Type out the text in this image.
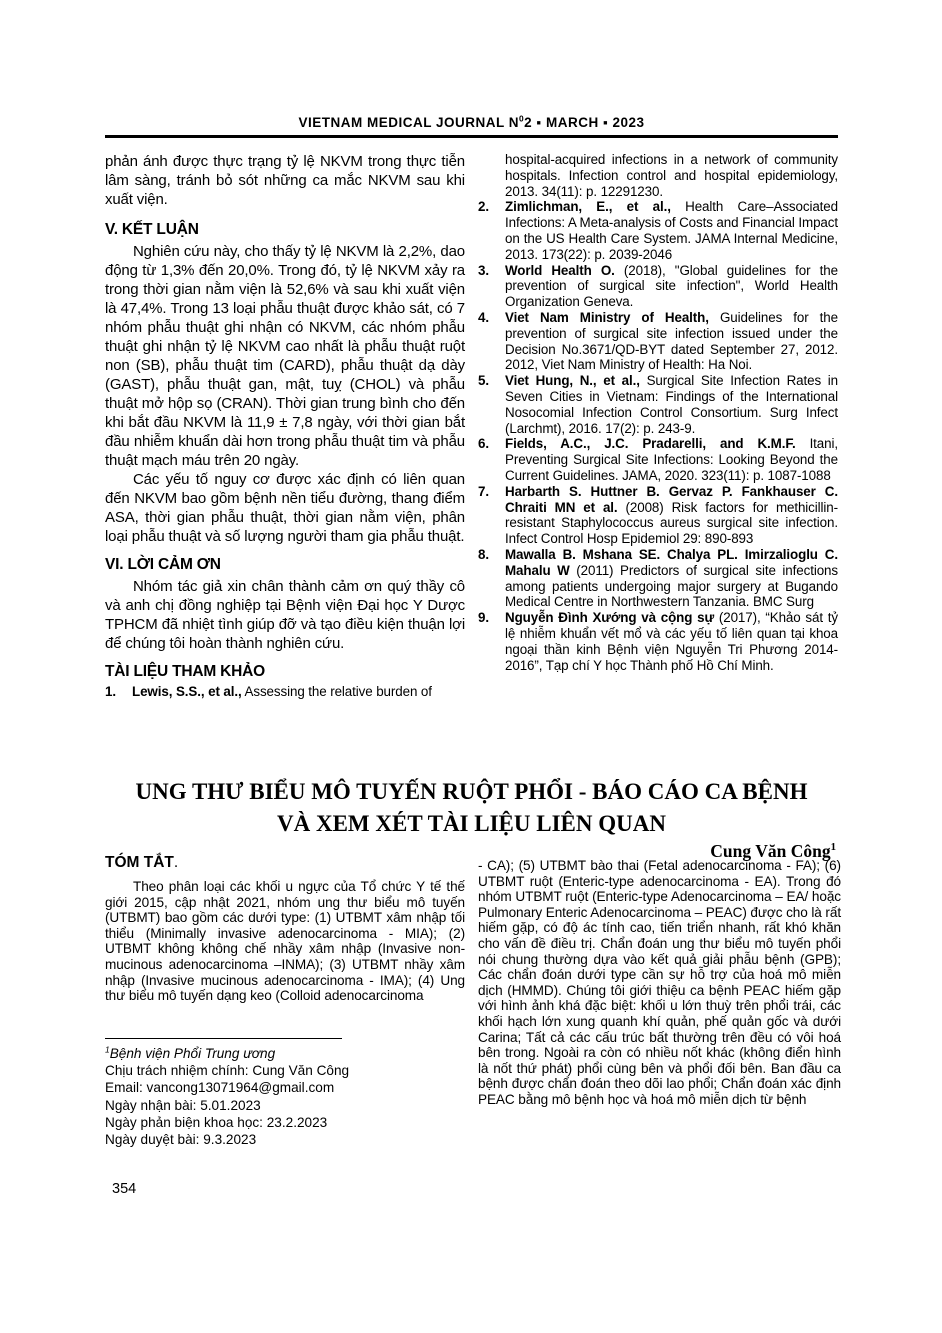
VIETNAM MEDICAL JOURNAL $N^02$ ▪ MARCH ▪ 2023

phản ánh được thực trạng tỷ lệ NKVM trong thực tiễn lâm sàng, tránh bỏ sót những ca mắc NKVM sau khi xuất viện.

V. KẾT LUẬN

Nghiên cứu này, cho thấy tỷ lệ NKVM là 2,2%, dao động từ 1,3% đến 20,0%. Trong đó, tỷ lệ NKVM xảy ra trong thời gian nằm viện là 52,6% và sau khi xuất viện là 47,4%. Trong 13 loại phẫu thuật được khảo sát, có 7 nhóm phẫu thuật ghi nhận có NKVM, các nhóm phẫu thuật ghi nhận tỷ lệ NKVM cao nhất là phẫu thuật ruột non (SB), phẫu thuật tim (CARD), phẫu thuật dạ dày (GAST), phẫu thuật gan, mật, tuỵ (CHOL) và phẫu thuật mở hộp sọ (CRAN). Thời gian trung bình cho đến khi bắt đầu NKVM là 11,9 ± 7,8 ngày, với thời gian bắt đầu nhiễm khuẩn dài hơn trong phẫu thuật tim và phẫu thuật mạch máu trên 20 ngày.

Các yếu tố nguy cơ được xác định có liên quan đến NKVM bao gồm bệnh nền tiểu đường, thang điểm ASA, thời gian phẫu thuật, thời gian nằm viện, phân loại phẫu thuật và số lượng người tham gia phẫu thuật.

VI. LỜI CẢM ƠN

Nhóm tác giả xin chân thành cảm ơn quý thầy cô và anh chị đồng nghiệp tại Bệnh viện Đại học Y Dược TPHCM đã nhiệt tình giúp đỡ và tạo điều kiện thuận lợi để chúng tôi hoàn thành nghiên cứu.

TÀI LIỆU THAM KHẢO

1. Lewis, S.S., et al., Assessing the relative burden of

hospital-acquired infections in a network of community hospitals. Infection control and hospital epidemiology, 2013. 34(11): p. 12291230.

2. Zimlichman, E., et al., Health Care–Associated Infections: A Meta-analysis of Costs and Financial Impact on the US Health Care System. JAMA Internal Medicine, 2013. 173(22): p. 2039-2046

3. World Health O. (2018), "Global guidelines for the prevention of surgical site infection", World Health Organization Geneva.

4. Viet Nam Ministry of Health, Guidelines for the prevention of surgical site infection issued under the Decision No.3671/QD-BYT dated September 27, 2012. 2012, Viet Nam Ministry of Health: Ha Noi.

5. Viet Hung, N., et al., Surgical Site Infection Rates in Seven Cities in Vietnam: Findings of the International Nosocomial Infection Control Consortium. Surg Infect (Larchmt), 2016. 17(2): p. 243-9.

6. Fields, A.C., J.C. Pradarelli, and K.M.F. Itani, Preventing Surgical Site Infections: Looking Beyond the Current Guidelines. JAMA, 2020. 323(11): p. 1087-1088

7. Harbarth S. Huttner B. Gervaz P. Fankhauser C. Chraiti MN et al. (2008) Risk factors for methicillin-resistant Staphylococcus aureus surgical site infection. Infect Control Hosp Epidemiol 29: 890-893

8. Mawalla B. Mshana SE. Chalya PL. Imirzalioglu C. Mahalu W (2011) Predictors of surgical site infections among patients undergoing major surgery at Bugando Medical Centre in Northwestern Tanzania. BMC Surg

9. Nguyễn Đình Xướng và cộng sự (2017), “Khảo sát tỷ lệ nhiễm khuẩn vết mổ và các yếu tố liên quan tại khoa ngoại thần kinh Bệnh viện Nguyễn Tri Phương 2014-2016”, Tạp chí Y học Thành phố Hồ Chí Minh.

UNG THƯ BIỂU MÔ TUYẾN RUỘT PHỔI - BÁO CÁO CA BỆNH
VÀ XEM XÉT TÀI LIỆU LIÊN QUAN
Cung Văn Công$^1$

TÓM TẮT.

Theo phân loại các khối u ngực của Tổ chức Y tế thế giới 2015, cập nhật 2021, nhóm ung thư biểu mô tuyến (UTBMT) bao gồm các dưới type: (1) UTBMT xâm nhập tối thiểu (Minimally invasive adenocarcinoma - MIA); (2) UTBMT không không chế nhầy xâm nhập (Invasive non-mucinous adenocarcinoma –INMA); (3) UTBMT nhầy xâm nhập (Invasive mucinous adenocarcinoma - IMA); (4) Ung thư biểu mô tuyến dạng keo (Colloid adenocarcinoma

- CA); (5) UTBMT bào thai (Fetal adenocarcinoma - FA); (6) UTBMT ruột (Enteric-type adenocarcinoma - EA). Trong đó nhóm UTBMT ruột (Enteric-type Adenocarcinoma – EA/ hoặc Pulmonary Enteric Adenocarcinoma – PEAC) được cho là rất hiếm gặp, có độ ác tính cao, tiến triển nhanh, rất khó khăn cho vấn đề điều trị. Chẩn đoán ung thư biểu mô tuyến phổi nói chung thường dựa vào kết quả giải phẫu bệnh (GPB); Các chẩn đoán dưới type cần sự hỗ trợ của hoá mô miễn dịch (HMMD). Chúng tôi giới thiệu ca bệnh PEAC hiếm gặp với hình ảnh khá đặc biệt: khối u lớn thuỳ trên phổi trái, các khối hạch lớn xung quanh khí quản, phế quản gốc và dưới Carina; Tất cả các cấu trúc bất thường trên đều có vôi hoá bên trong. Ngoài ra còn có nhiều nốt khác (không điển hình là nốt thứ phát) phổi cùng bên và phổi đối bên. Ban đầu ca bệnh được chẩn đoán theo dõi lao phổi; Chẩn đoán xác định PEAC bằng mô bệnh học và hoá mô miễn dịch từ bệnh

$^1$Bệnh viện Phổi Trung ương

Chịu trách nhiệm chính: Cung Văn Công

Email: vancong13071964@gmail.com

Ngày nhận bài: 5.01.2023

Ngày phản biện khoa học: 23.2.2023

Ngày duyệt bài: 9.3.2023

354
